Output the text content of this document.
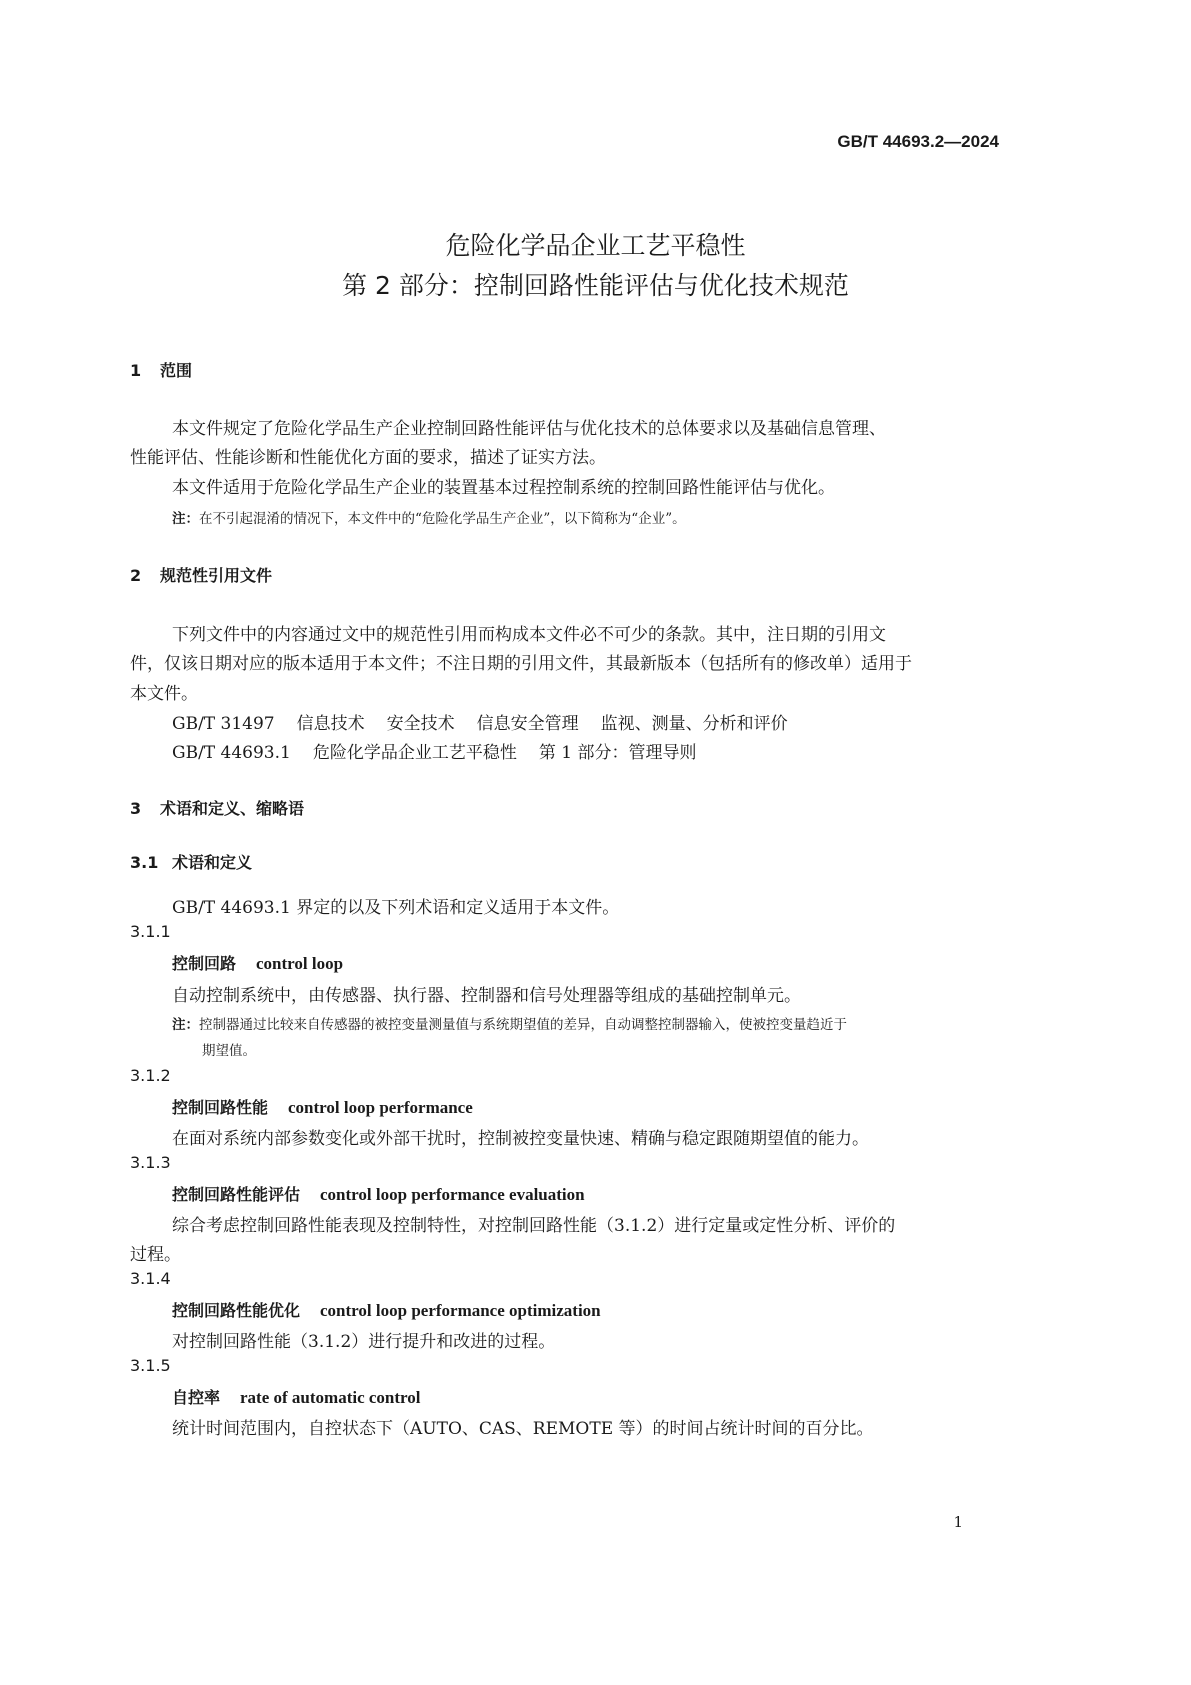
GB/T 44693.2—2024
危险化学品企业工艺平稳性
第 2 部分：控制回路性能评估与优化技术规范
1 范围
本文件规定了危险化学品生产企业控制回路性能评估与优化技术的总体要求以及基础信息管理、
性能评估、性能诊断和性能优化方面的要求，描述了证实方法。
本文件适用于危险化学品生产企业的装置基本过程控制系统的控制回路性能评估与优化。
注：在不引起混淆的情况下，本文件中的“危险化学品生产企业”，以下简称为“企业”。
2 规范性引用文件
下列文件中的内容通过文中的规范性引用而构成本文件必不可少的条款。其中，注日期的引用文
件，仅该日期对应的版本适用于本文件；不注日期的引用文件，其最新版本（包括所有的修改单）适用于
本文件。
GB/T 31497 信息技术 安全技术 信息安全管理 监视、测量、分析和评价
GB/T 44693.1 危险化学品企业工艺平稳性 第 1 部分：管理导则
3 术语和定义、缩略语
3.1 术语和定义
GB/T 44693.1 界定的以及下列术语和定义适用于本文件。
3.1.1
控制回路 control loop
自动控制系统中，由传感器、执行器、控制器和信号处理器等组成的基础控制单元。
注：控制器通过比较来自传感器的被控变量测量值与系统期望值的差异，自动调整控制器输入，使被控变量趋近于
期望值。
3.1.2
控制回路性能 control loop performance
在面对系统内部参数变化或外部干扰时，控制被控变量快速、精确与稳定跟随期望值的能力。
3.1.3
控制回路性能评估 control loop performance evaluation
综合考虑控制回路性能表现及控制特性，对控制回路性能（3.1.2）进行定量或定性分析、评价的
过程。
3.1.4
控制回路性能优化 control loop performance optimization
对控制回路性能（3.1.2）进行提升和改进的过程。
3.1.5
自控率 rate of automatic control
统计时间范围内，自控状态下（AUTO、CAS、REMOTE 等）的时间占统计时间的百分比。
1
